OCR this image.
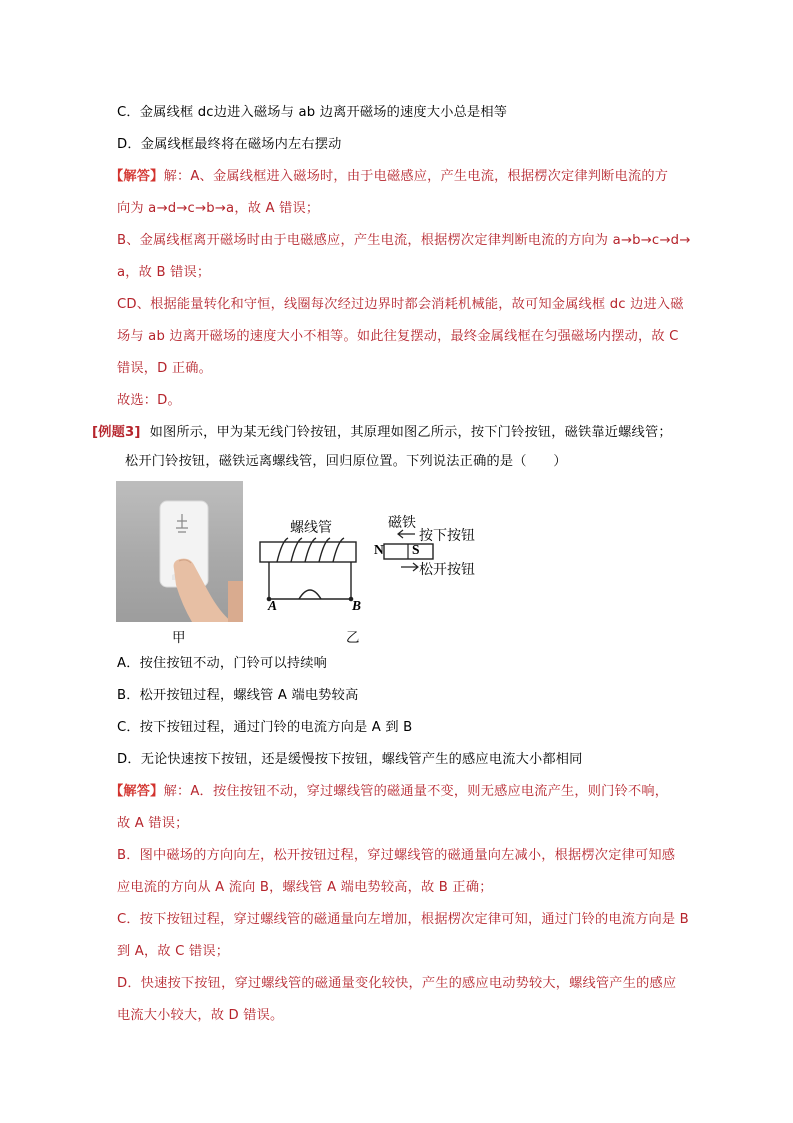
C．金属线框 dc边进入磁场与 ab 边离开磁场的速度大小总是相等
D．金属线框最终将在磁场内左右摆动
【解答】解：A、金属线框进入磁场时，由于电磁感应，产生电流，根据楞次定律判断电流的方
向为 a→d→c→b→a，故 A 错误；
B、金属线框离开磁场时由于电磁感应，产生电流，根据楞次定律判断电流的方向为 a→b→c→d→
a，故 B 错误；
CD、根据能量转化和守恒，线圈每次经过边界时都会消耗机械能，故可知金属线框 dc 边进入磁
场与 ab 边离开磁场的速度大小不相等。如此往复摆动，最终金属线框在匀强磁场内摆动，故 C
错误，D 正确。
故选：D。
[例题3] 如图所示，甲为某无线门铃按钮，其原理如图乙所示，按下门铃按钮，磁铁靠近螺线管；
松开门铃按钮，磁铁远离螺线管，回归原位置。下列说法正确的是（　　）
甲
螺线管	磁铁
按下按钮
松开按钮
N S
A	B
乙
A．按住按钮不动，门铃可以持续响
B．松开按钮过程，螺线管 A 端电势较高
C．按下按钮过程，通过门铃的电流方向是 A 到 B
D．无论快速按下按钮，还是缓慢按下按钮，螺线管产生的感应电流大小都相同
【解答】解：A．按住按钮不动，穿过螺线管的磁通量不变，则无感应电流产生，则门铃不响，
故 A 错误；
B．图中磁场的方向向左，松开按钮过程，穿过螺线管的磁通量向左减小，根据楞次定律可知感
应电流的方向从 A 流向 B，螺线管 A 端电势较高，故 B 正确；
C．按下按钮过程，穿过螺线管的磁通量向左增加，根据楞次定律可知，通过门铃的电流方向是 B
到 A，故 C 错误；
D．快速按下按钮，穿过螺线管的磁通量变化较快，产生的感应电动势较大，螺线管产生的感应
电流大小较大，故 D 错误。
